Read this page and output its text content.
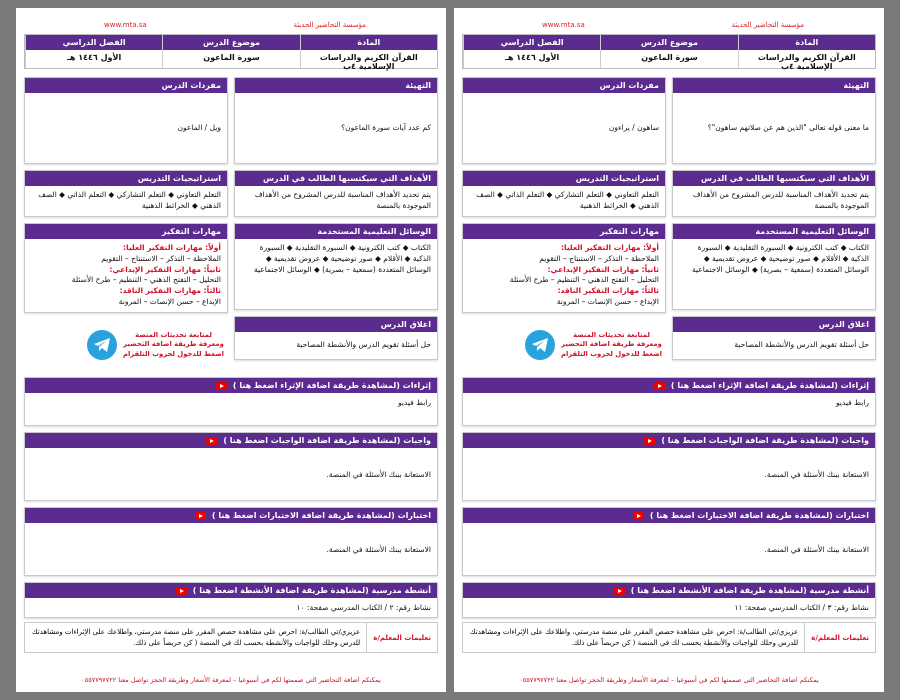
www.mta.sa	مؤسسة التحاضير الحديثة
المادة
موضوع الدرس
الفصل الدراسي
القرآن الكريم والدراسات الإسلامية ٤ب
سورة الماعون
الأول ١٤٤٦ هـ
التهيئة
كم عدد آيات سورة الماعون؟
الأهداف التي سيكتسبها الطالب في الدرس
يتم تحديد الأهداف المناسبة للدرس المشروح من الأهداف الموجودة بالمنصة
الوسائل التعليمية المستخدمة
الكتاب ◆ كتب الكترونية ◆ السبورة التقليدية ◆ السبورة الذكية ◆ الأقلام ◆ صور توضيحية ◆ عروض تقديمية ◆ الوسائل المتعددة (سمعية – بصرية) ◆ الوسائل الاجتماعية
اغلاق الدرس
حل أسئلة تقويم الدرس والأنشطة المصاحبة
مفردات الدرس
ويل / الماعون
استراتيجيات التدريس
التعلم التعاوني ◆ التعلم التشاركي ◆ التعلم الذاتي ◆ الصف الذهني ◆ الخرائط الذهنية
مهارات التفكير
أولاً: مهارات التفكير العليا:
الملاحظة – التذكر – الاستنتاج – التقويم
ثانياً: مهارات التفكير الإبداعي:
التحليل – التفتح الذهني – التنظيم – طرح الأسئلة
ثالثاً: مهارات التفكير الناقد:
الإبداع – حسن الإنصات – المرونة
لمتابعة تحديثات المنصة
ومعرفة طريقة اضافة التحضير
اضغط للدخول لجروب التلقرام
إثراءات (لمشاهدة طريقة اضافة الإثراء اضغط هنا )
رابط فيديو
واجبات (لمشاهدة طريقة اضافة الواجبات اضغط هنا )
الاستعانة ببنك الأسئلة في المنصة.
اختبارات (لمشاهدة طريقة اضافة الاختبارات اضغط هنا )
الاستعانة ببنك الأسئلة في المنصة.
أنشطة مدرسية (لمشاهدة طريقة اضافة الأنشطة اضغط هنا )
نشاط رقم: ٢ / الكتاب المدرسي صفحة: ١٠
تعليمات المعلم/ة
عزيزي/تي الطالب/ة: احرص على مشاهدة حصص المقرر على منصة مدرستي، واطلاعك على الإثراءات ومشاهدتك للدرس وحلك للواجبات والأنشطة بحسب لك في المنصة ( كن حريصاً على ذلك.
يمكنكم اضافة التحاضير التي صممتها لكم في أسبوعيا – لمعرفة الأسعار وطريقة الحجز تواصل معنا ٠٥٥٧٧٩٧٧٢٢
www.mta.sa	مؤسسة التحاضير الحديثة
المادة
موضوع الدرس
الفصل الدراسي
القرآن الكريم والدراسات الإسلامية ٤ب
سورة الماعون
الأول ١٤٤٦ هـ
التهيئة
ما معنى قوله تعالى "الذين هم عن صلاتهم ساهون"؟
الأهداف التي سيكتسبها الطالب في الدرس
يتم تحديد الأهداف المناسبة للدرس المشروح من الأهداف الموجودة بالمنصة
الوسائل التعليمية المستخدمة
الكتاب ◆ كتب الكترونية ◆ السبورة التقليدية ◆ السبورة الذكية ◆ الأقلام ◆ صور توضيحية ◆ عروض تقديمية ◆ الوسائل المتعددة (سمعية – بصرية) ◆ الوسائل الاجتماعية
اغلاق الدرس
حل أسئلة تقويم الدرس والأنشطة المصاحبة
مفردات الدرس
ساهون / يراءون
استراتيجيات التدريس
التعلم التعاوني ◆ التعلم التشاركي ◆ التعلم الذاتي ◆ الصف الذهني ◆ الخرائط الذهنية
مهارات التفكير
أولاً: مهارات التفكير العليا:
الملاحظة – التذكر – الاستنتاج – التقويم
ثانياً: مهارات التفكير الإبداعي:
التحليل – التفتح الذهني – التنظيم – طرح الأسئلة
ثالثاً: مهارات التفكير الناقد:
الإبداع – حسن الإنصات – المرونة
لمتابعة تحديثات المنصة
ومعرفة طريقة اضافة التحضير
اضغط للدخول لجروب التلقرام
إثراءات (لمشاهدة طريقة اضافة الإثراء اضغط هنا )
رابط فيديو
واجبات (لمشاهدة طريقة اضافة الواجبات اضغط هنا )
الاستعانة ببنك الأسئلة في المنصة.
اختبارات (لمشاهدة طريقة اضافة الاختبارات اضغط هنا )
الاستعانة ببنك الأسئلة في المنصة.
أنشطة مدرسية (لمشاهدة طريقة اضافة الأنشطة اضغط هنا )
نشاط رقم: ٣ / الكتاب المدرسي صفحة: ١١
تعليمات المعلم/ة
عزيزي/تي الطالب/ة: احرص على مشاهدة حصص المقرر على منصة مدرستي، واطلاعك على الإثراءات ومشاهدتك للدرس وحلك للواجبات والأنشطة بحسب لك في المنصة ( كن حريصاً على ذلك.
يمكنكم اضافة التحاضير التي صممتها لكم في أسبوعيا – لمعرفة الأسعار وطريقة الحجز تواصل معنا ٠٥٥٧٧٩٧٧٢٢
